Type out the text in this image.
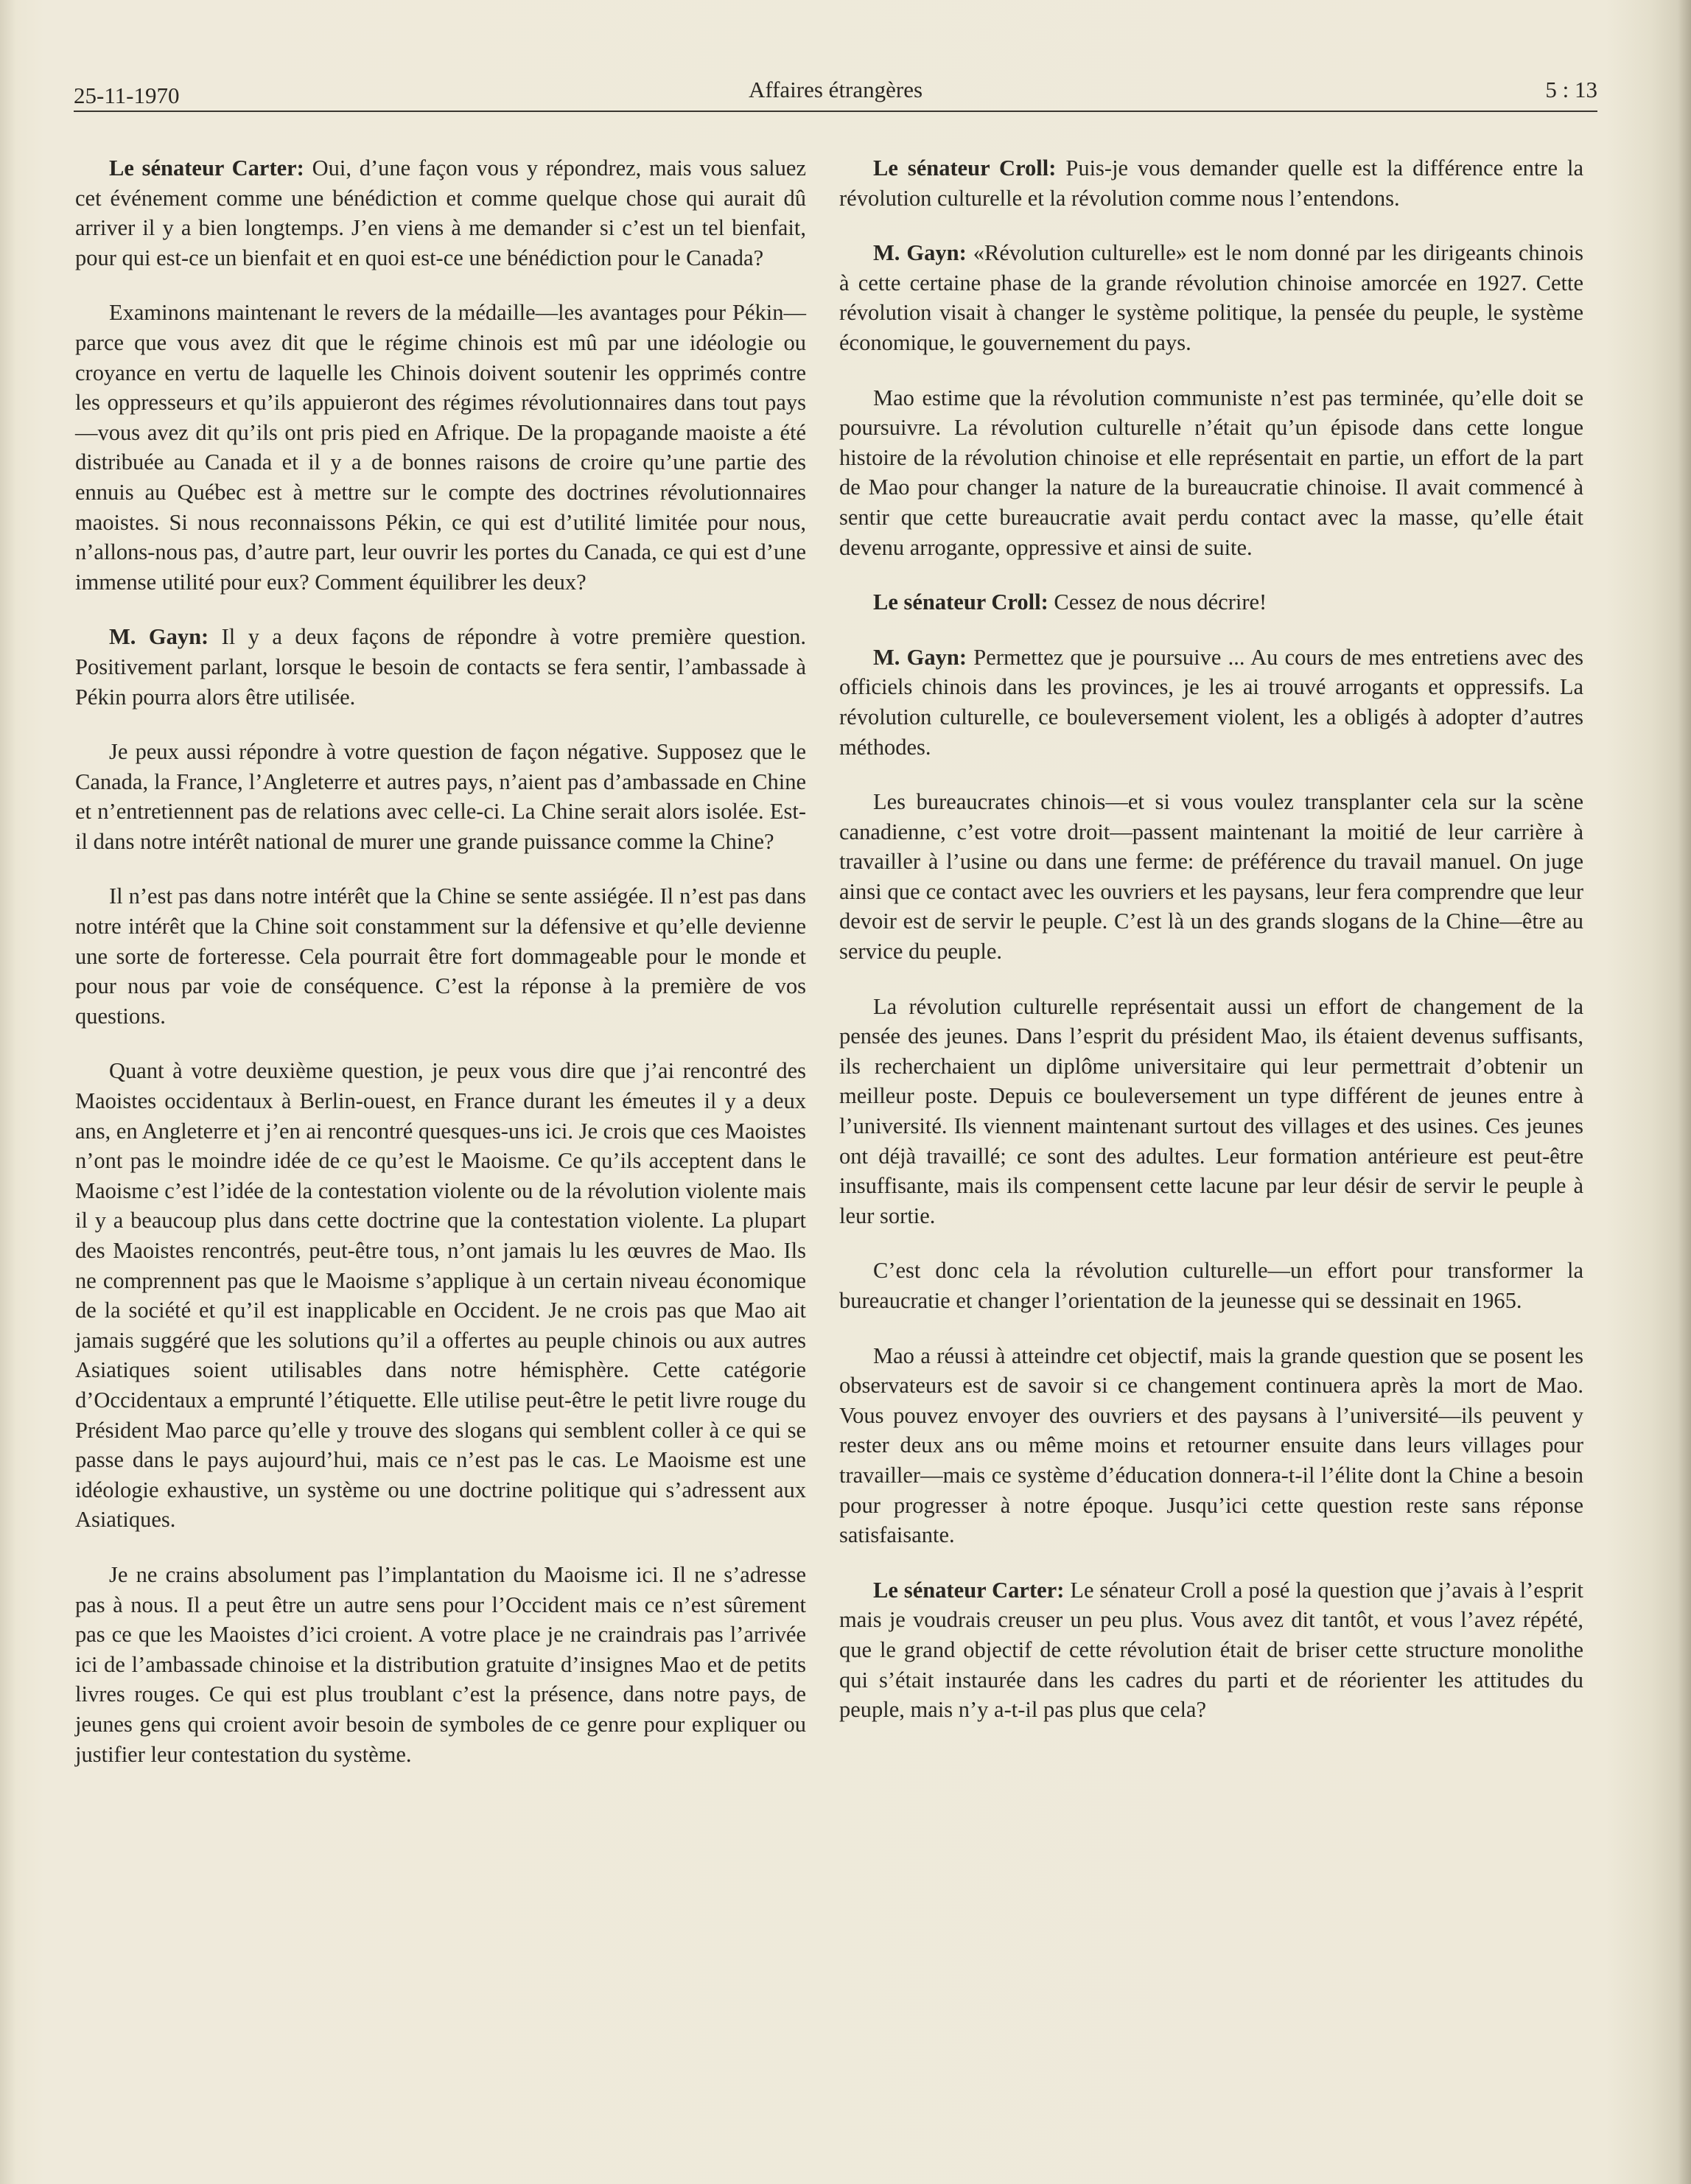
25-11-1970	Affaires étrangères	5 : 13

Le sénateur Carter: Oui, d’une façon vous y répondrez, mais vous saluez cet événement comme une bénédiction et comme quelque chose qui aurait dû arriver il y a bien longtemps. J’en viens à me demander si c’est un tel bienfait, pour qui est-ce un bienfait et en quoi est-ce une bénédiction pour le Canada?

Examinons maintenant le revers de la médaille—les avantages pour Pékin—parce que vous avez dit que le régime chinois est mû par une idéologie ou croyance en vertu de laquelle les Chinois doivent soutenir les opprimés contre les oppresseurs et qu’ils appuieront des régimes révolutionnaires dans tout pays—vous avez dit qu’ils ont pris pied en Afrique. De la propagande maoiste a été distribuée au Canada et il y a de bonnes raisons de croire qu’une partie des ennuis au Québec est à mettre sur le compte des doctrines révolutionnaires maoistes. Si nous reconnaissons Pékin, ce qui est d’utilité limitée pour nous, n’allons-nous pas, d’autre part, leur ouvrir les portes du Canada, ce qui est d’une immense utilité pour eux? Comment équilibrer les deux?

M. Gayn: Il y a deux façons de répondre à votre première question. Positivement parlant, lorsque le besoin de contacts se fera sentir, l’ambassade à Pékin pourra alors être utilisée.

Je peux aussi répondre à votre question de façon négative. Supposez que le Canada, la France, l’Angleterre et autres pays, n’aient pas d’ambassade en Chine et n’entretiennent pas de relations avec celle-ci. La Chine serait alors isolée. Est-il dans notre intérêt national de murer une grande puissance comme la Chine?

Il n’est pas dans notre intérêt que la Chine se sente assiégée. Il n’est pas dans notre intérêt que la Chine soit constamment sur la défensive et qu’elle devienne une sorte de forteresse. Cela pourrait être fort dommageable pour le monde et pour nous par voie de conséquence. C’est la réponse à la première de vos questions.

Quant à votre deuxième question, je peux vous dire que j’ai rencontré des Maoistes occidentaux à Berlin-ouest, en France durant les émeutes il y a deux ans, en Angleterre et j’en ai rencontré quesques-uns ici. Je crois que ces Maoistes n’ont pas le moindre idée de ce qu’est le Maoisme. Ce qu’ils acceptent dans le Maoisme c’est l’idée de la contestation violente ou de la révolution violente mais il y a beaucoup plus dans cette doctrine que la contestation violente. La plupart des Maoistes rencontrés, peut-être tous, n’ont jamais lu les œuvres de Mao. Ils ne comprennent pas que le Maoisme s’applique à un certain niveau économique de la société et qu’il est inapplicable en Occident. Je ne crois pas que Mao ait jamais suggéré que les solutions qu’il a offertes au peuple chinois ou aux autres Asiatiques soient utilisables dans notre hémisphère. Cette catégorie d’Occidentaux a emprunté l’étiquette. Elle utilise peut-être le petit livre rouge du Président Mao parce qu’elle y trouve des slogans qui semblent coller à ce qui se passe dans le pays aujourd’hui, mais ce n’est pas le cas. Le Maoisme est une idéologie exhaustive, un système ou une doctrine politique qui s’adressent aux Asiatiques.

Je ne crains absolument pas l’implantation du Maoisme ici. Il ne s’adresse pas à nous. Il a peut être un autre sens pour l’Occident mais ce n’est sûrement pas ce que les Maoistes d’ici croient. A votre place je ne craindrais pas l’arrivée ici de l’ambassade chinoise et la distribution gratuite d’insignes Mao et de petits livres rouges. Ce qui est plus troublant c’est la présence, dans notre pays, de jeunes gens qui croient avoir besoin de symboles de ce genre pour expliquer ou justifier leur contestation du système.

Le sénateur Croll: Puis-je vous demander quelle est la différence entre la révolution culturelle et la révolution comme nous l’entendons.

M. Gayn: «Révolution culturelle» est le nom donné par les dirigeants chinois à cette certaine phase de la grande révolution chinoise amorcée en 1927. Cette révolution visait à changer le système politique, la pensée du peuple, le système économique, le gouvernement du pays.

Mao estime que la révolution communiste n’est pas terminée, qu’elle doit se poursuivre. La révolution culturelle n’était qu’un épisode dans cette longue histoire de la révolution chinoise et elle représentait en partie, un effort de la part de Mao pour changer la nature de la bureaucratie chinoise. Il avait commencé à sentir que cette bureaucratie avait perdu contact avec la masse, qu’elle était devenu arrogante, oppressive et ainsi de suite.

Le sénateur Croll: Cessez de nous décrire!

M. Gayn: Permettez que je poursuive ... Au cours de mes entretiens avec des officiels chinois dans les provinces, je les ai trouvé arrogants et oppressifs. La révolution culturelle, ce bouleversement violent, les a obligés à adopter d’autres méthodes.

Les bureaucrates chinois—et si vous voulez transplanter cela sur la scène canadienne, c’est votre droit—passent maintenant la moitié de leur carrière à travailler à l’usine ou dans une ferme: de préférence du travail manuel. On juge ainsi que ce contact avec les ouvriers et les paysans, leur fera comprendre que leur devoir est de servir le peuple. C’est là un des grands slogans de la Chine—être au service du peuple.

La révolution culturelle représentait aussi un effort de changement de la pensée des jeunes. Dans l’esprit du président Mao, ils étaient devenus suffisants, ils recherchaient un diplôme universitaire qui leur permettrait d’obtenir un meilleur poste. Depuis ce bouleversement un type différent de jeunes entre à l’université. Ils viennent maintenant surtout des villages et des usines. Ces jeunes ont déjà travaillé; ce sont des adultes. Leur formation antérieure est peut-être insuffisante, mais ils compensent cette lacune par leur désir de servir le peuple à leur sortie.

C’est donc cela la révolution culturelle—un effort pour transformer la bureaucratie et changer l’orientation de la jeunesse qui se dessinait en 1965.

Mao a réussi à atteindre cet objectif, mais la grande question que se posent les observateurs est de savoir si ce changement continuera après la mort de Mao. Vous pouvez envoyer des ouvriers et des paysans à l’université—ils peuvent y rester deux ans ou même moins et retourner ensuite dans leurs villages pour travailler—mais ce système d’éducation donnera-t-il l’élite dont la Chine a besoin pour progresser à notre époque. Jusqu’ici cette question reste sans réponse satisfaisante.

Le sénateur Carter: Le sénateur Croll a posé la question que j’avais à l’esprit mais je voudrais creuser un peu plus. Vous avez dit tantôt, et vous l’avez répété, que le grand objectif de cette révolution était de briser cette structure monolithe qui s’était instaurée dans les cadres du parti et de réorienter les attitudes du peuple, mais n’y a-t-il pas plus que cela?
